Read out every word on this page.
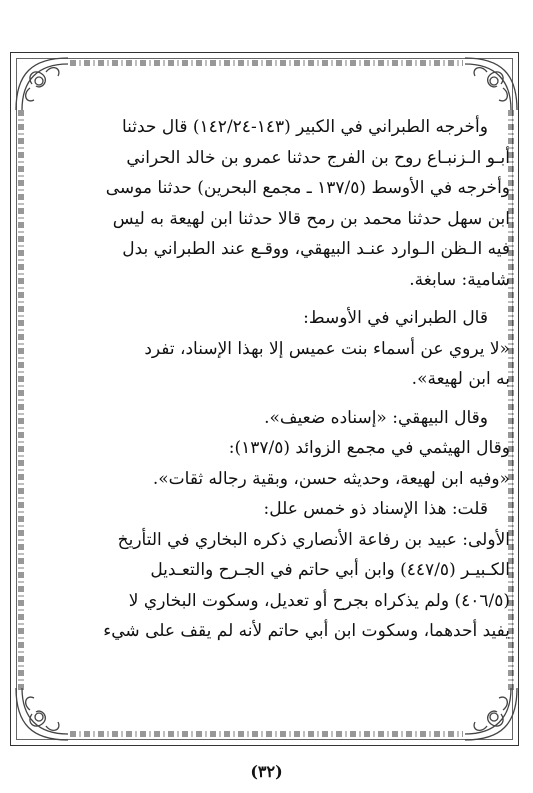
وأخرجه الطبراني في الكبير (١٤٣-١٤٢/٢٤) قال حدثنا

أبـو الـزنبـاع روح بن الفرج حدثنا عمرو بن خالد الحراني

وأخرجه في الأوسط (١٣٧/٥ ـ مجمع البحرين) حدثنا موسى

ابن سهل حدثنا محمد بن رمح قالا حدثنا ابن لهيعة به ليس

فيه الـظن الـوارد عنـد البيهقي، ووقـع عند الطبراني بدل

شامية: سابغة.

قال الطبراني في الأوسط:

«لا يروي عن أسماء بنت عميس إلا بهذا الإسناد، تفرد

به ابن لهيعة».

وقال البيهقي: «إسناده ضعيف».

وقال الهيثمي في مجمع الزوائد (١٣٧/٥):

«وفيه ابن لهيعة، وحديثه حسن، وبقية رجاله ثقات».

قلت: هذا الإسناد ذو خمس علل:

الأولى: عبيد بن رفاعة الأنصاري ذكره البخاري في التأريخ

الكـبيـر (٤٤٧/٥) وابن أبي حاتم في الجـرح والتعـديل

(٤٠٦/٥) ولم يذكراه بجرح أو تعديل، وسكوت البخاري لا

يفيد أحدهما، وسكوت ابن أبي حاتم لأنه لم يقف على شيء

(٣٢)
